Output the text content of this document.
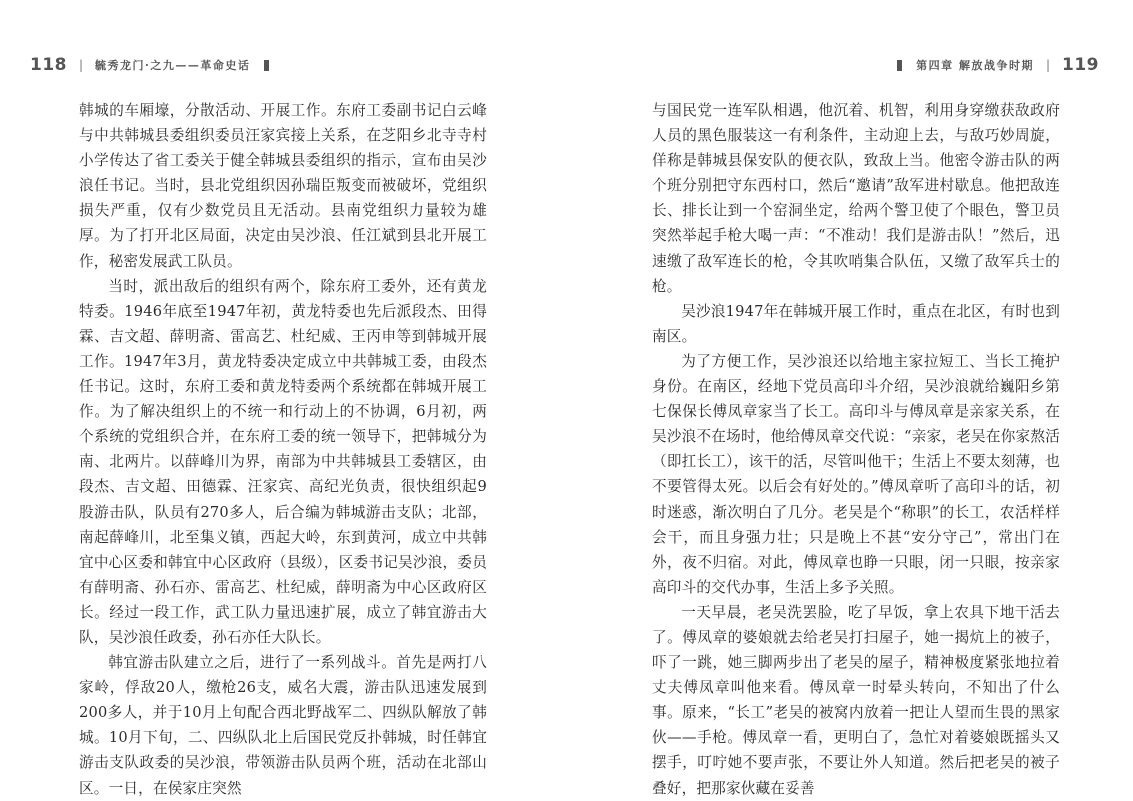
118 | 毓秀龙门·之九——革命史话

韩城的车厢壕，分散活动、开展工作。东府工委副书记白云峰与中共韩城县委组织委员汪家宾接上关系，在芝阳乡北寺寺村小学传达了省工委关于健全韩城县委组织的指示，宣布由吴沙浪任书记。当时，县北党组织因孙瑞臣叛变而被破坏，党组织损失严重，仅有少数党员且无活动。县南党组织力量较为雄厚。为了打开北区局面，决定由吴沙浪、任江斌到县北开展工作，秘密发展武工队员。

当时，派出敌后的组织有两个，除东府工委外，还有黄龙特委。1946年底至1947年初，黄龙特委也先后派段杰、田得霖、吉文超、薛明斋、雷高艺、杜纪威、王丙申等到韩城开展工作。1947年3月，黄龙特委决定成立中共韩城工委，由段杰任书记。这时，东府工委和黄龙特委两个系统都在韩城开展工作。为了解决组织上的不统一和行动上的不协调，6月初，两个系统的党组织合并，在东府工委的统一领导下，把韩城分为南、北两片。以薛峰川为界，南部为中共韩城县工委辖区，由段杰、吉文超、田德霖、汪家宾、高纪光负责，很快组织起9股游击队，队员有270多人，后合编为韩城游击支队；北部，南起薛峰川，北至集义镇，西起大岭，东到黄河，成立中共韩宜中心区委和韩宜中心区政府（县级），区委书记吴沙浪，委员有薛明斋、孙石亦、雷高艺、杜纪威，薛明斋为中心区政府区长。经过一段工作，武工队力量迅速扩展，成立了韩宜游击大队，吴沙浪任政委，孙石亦任大队长。

韩宜游击队建立之后，进行了一系列战斗。首先是两打八家岭，俘敌20人，缴枪26支，威名大震，游击队迅速发展到200多人，并于10月上旬配合西北野战军二、四纵队解放了韩城。10月下旬，二、四纵队北上后国民党反扑韩城，时任韩宜游击支队政委的吴沙浪，带领游击队员两个班，活动在北部山区。一日，在侯家庄突然

第四章 解放战争时期 | 119

与国民党一连军队相遇，他沉着、机智，利用身穿缴获敌政府人员的黑色服装这一有利条件，主动迎上去，与敌巧妙周旋，佯称是韩城县保安队的便衣队，致敌上当。他密令游击队的两个班分别把守东西村口，然后“邀请”敌军进村歇息。他把敌连长、排长让到一个窑洞坐定，给两个警卫使了个眼色，警卫员突然举起手枪大喝一声：“不准动！我们是游击队！”然后，迅速缴了敌军连长的枪，令其吹哨集合队伍，又缴了敌军兵士的枪。

吴沙浪1947年在韩城开展工作时，重点在北区，有时也到南区。

为了方便工作，吴沙浪还以给地主家拉短工、当长工掩护身份。在南区，经地下党员高印斗介绍，吴沙浪就给巍阳乡第七保保长傅凤章家当了长工。高印斗与傅凤章是亲家关系，在吴沙浪不在场时，他给傅凤章交代说：“亲家，老吴在你家熬活（即扛长工），该干的活，尽管叫他干；生活上不要太刻薄，也不要管得太死。以后会有好处的。”傅凤章听了高印斗的话，初时迷惑，渐次明白了几分。老吴是个“称职”的长工，农活样样会干，而且身强力壮；只是晚上不甚“安分守己”，常出门在外，夜不归宿。对此，傅凤章也睁一只眼，闭一只眼，按亲家高印斗的交代办事，生活上多予关照。

一天早晨，老吴洗罢脸，吃了早饭，拿上农具下地干活去了。傅凤章的婆娘就去给老吴打扫屋子，她一揭炕上的被子，吓了一跳，她三脚两步出了老吴的屋子，精神极度紧张地拉着丈夫傅凤章叫他来看。傅凤章一时晕头转向，不知出了什么事。原来，“长工”老吴的被窝内放着一把让人望而生畏的黑家伙——手枪。傅凤章一看，更明白了，急忙对着婆娘既摇头又摆手，叮咛她不要声张，不要让外人知道。然后把老吴的被子叠好，把那家伙藏在妥善
